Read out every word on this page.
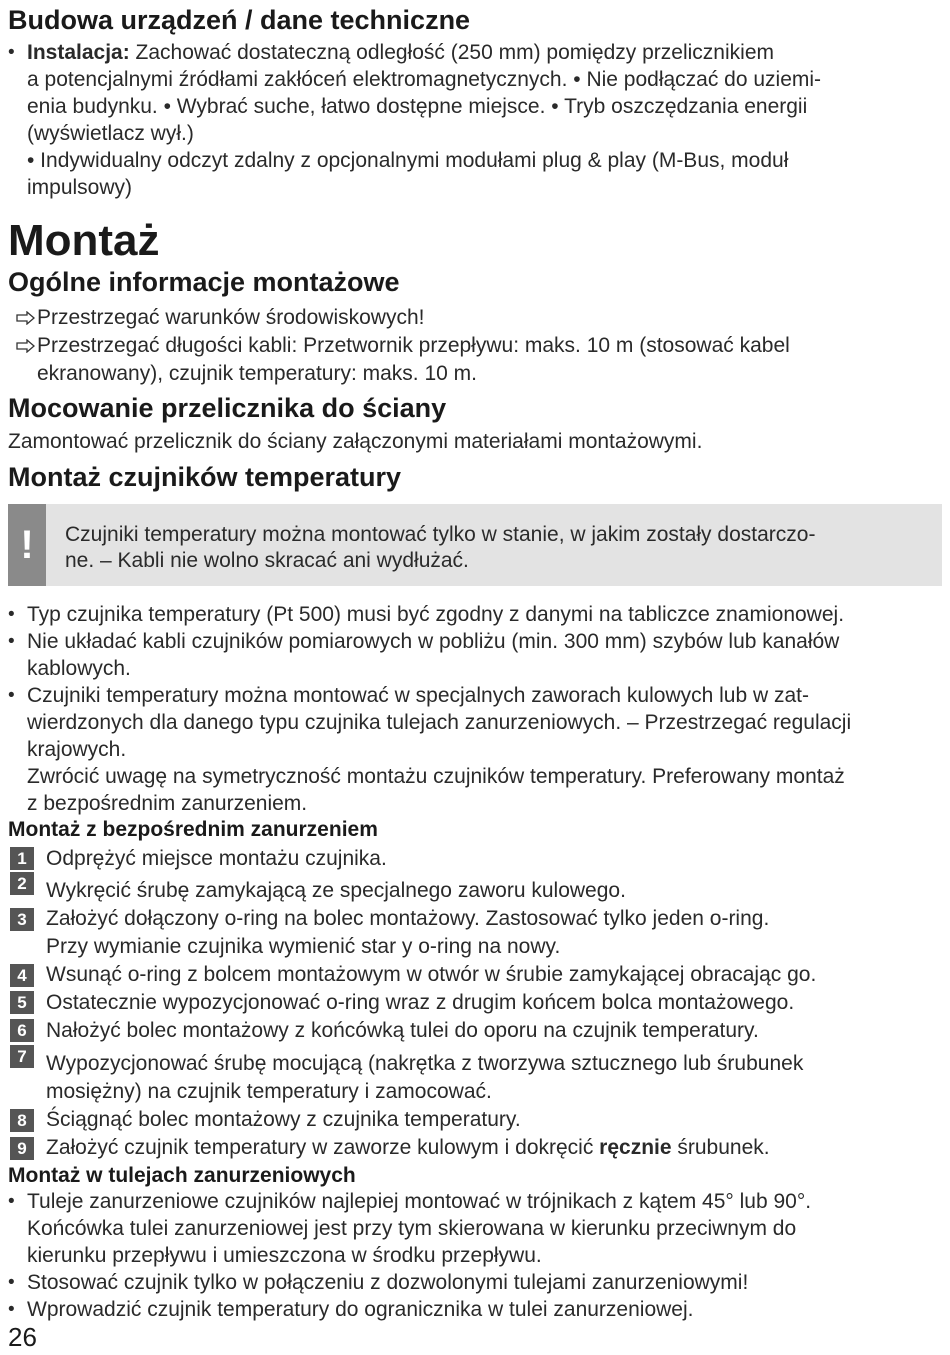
Budowa urządzeń / dane techniczne
• Instalacja: Zachować dostateczną odległość (250 mm) pomiędzy przelicznikiem
a potencjalnymi źródłami zakłóceń elektromagnetycznych. • Nie podłączać do uziemi-
enia budynku. • Wybrać suche, łatwo dostępne miejsce. • Tryb oszczędzania energii
(wyświetlacz wył.)
• Indywidualny odczyt zdalny z opcjonalnymi modułami plug & play (M-Bus, moduł
impulsowy)
Montaż
Ogólne informacje montażowe
Przestrzegać warunków środowiskowych!
Przestrzegać długości kabli: Przetwornik przepływu: maks. 10 m (stosować kabel
ekranowany), czujnik temperatury: maks. 10 m.
Mocowanie przelicznika do ściany
Zamontować przelicznik do ściany załączonymi materiałami montażowymi.
Montaż czujników temperatury
!	Czujniki temperatury można montować tylko w stanie, w jakim zostały dostarczo-
ne. – Kabli nie wolno skracać ani wydłużać.
• Typ czujnika temperatury (Pt 500) musi być zgodny z danymi na tabliczce znamionowej.
• Nie układać kabli czujników pomiarowych w pobliżu (min. 300 mm) szybów lub kanałów
kablowych.
• Czujniki temperatury można montować w specjalnych zaworach kulowych lub w zat-
wierdzonych dla danego typu czujnika tulejach zanurzeniowych. – Przestrzegać regulacji
krajowych.
Zwrócić uwagę na symetryczność montażu czujników temperatury. Preferowany montaż
z bezpośrednim zanurzeniem.
Montaż z bezpośrednim zanurzeniem
1 Odprężyć miejsce montażu czujnika.
2 Wykręcić śrubę zamykającą ze specjalnego zaworu kulowego.
3 Założyć dołączony o-ring na bolec montażowy. Zastosować tylko jeden o-ring.
Przy wymianie czujnika wymienić star y o-ring na nowy.
4 Wsunąć o-ring z bolcem montażowym w otwór w śrubie zamykającej obracając go.
5 Ostatecznie wypozycjonować o-ring wraz z drugim końcem bolca montażowego.
6 Nałożyć bolec montażowy z końcówką tulei do oporu na czujnik temperatury.
7 Wypozycjonować śrubę mocującą (nakrętka z tworzywa sztucznego lub śrubunek
mosiężny) na czujnik temperatury i zamocować.
8 Ściągnąć bolec montażowy z czujnika temperatury.
9 Założyć czujnik temperatury w zaworze kulowym i dokręcić ręcznie śrubunek.
Montaż w tulejach zanurzeniowych
• Tuleje zanurzeniowe czujników najlepiej montować w trójnikach z kątem 45° lub 90°.
Końcówka tulei zanurzeniowej jest przy tym skierowana w kierunku przeciwnym do
kierunku przepływu i umieszczona w środku przepływu.
• Stosować czujnik tylko w połączeniu z dozwolonymi tulejami zanurzeniowymi!
• Wprowadzić czujnik temperatury do ogranicznika w tulei zanurzeniowej.
26
